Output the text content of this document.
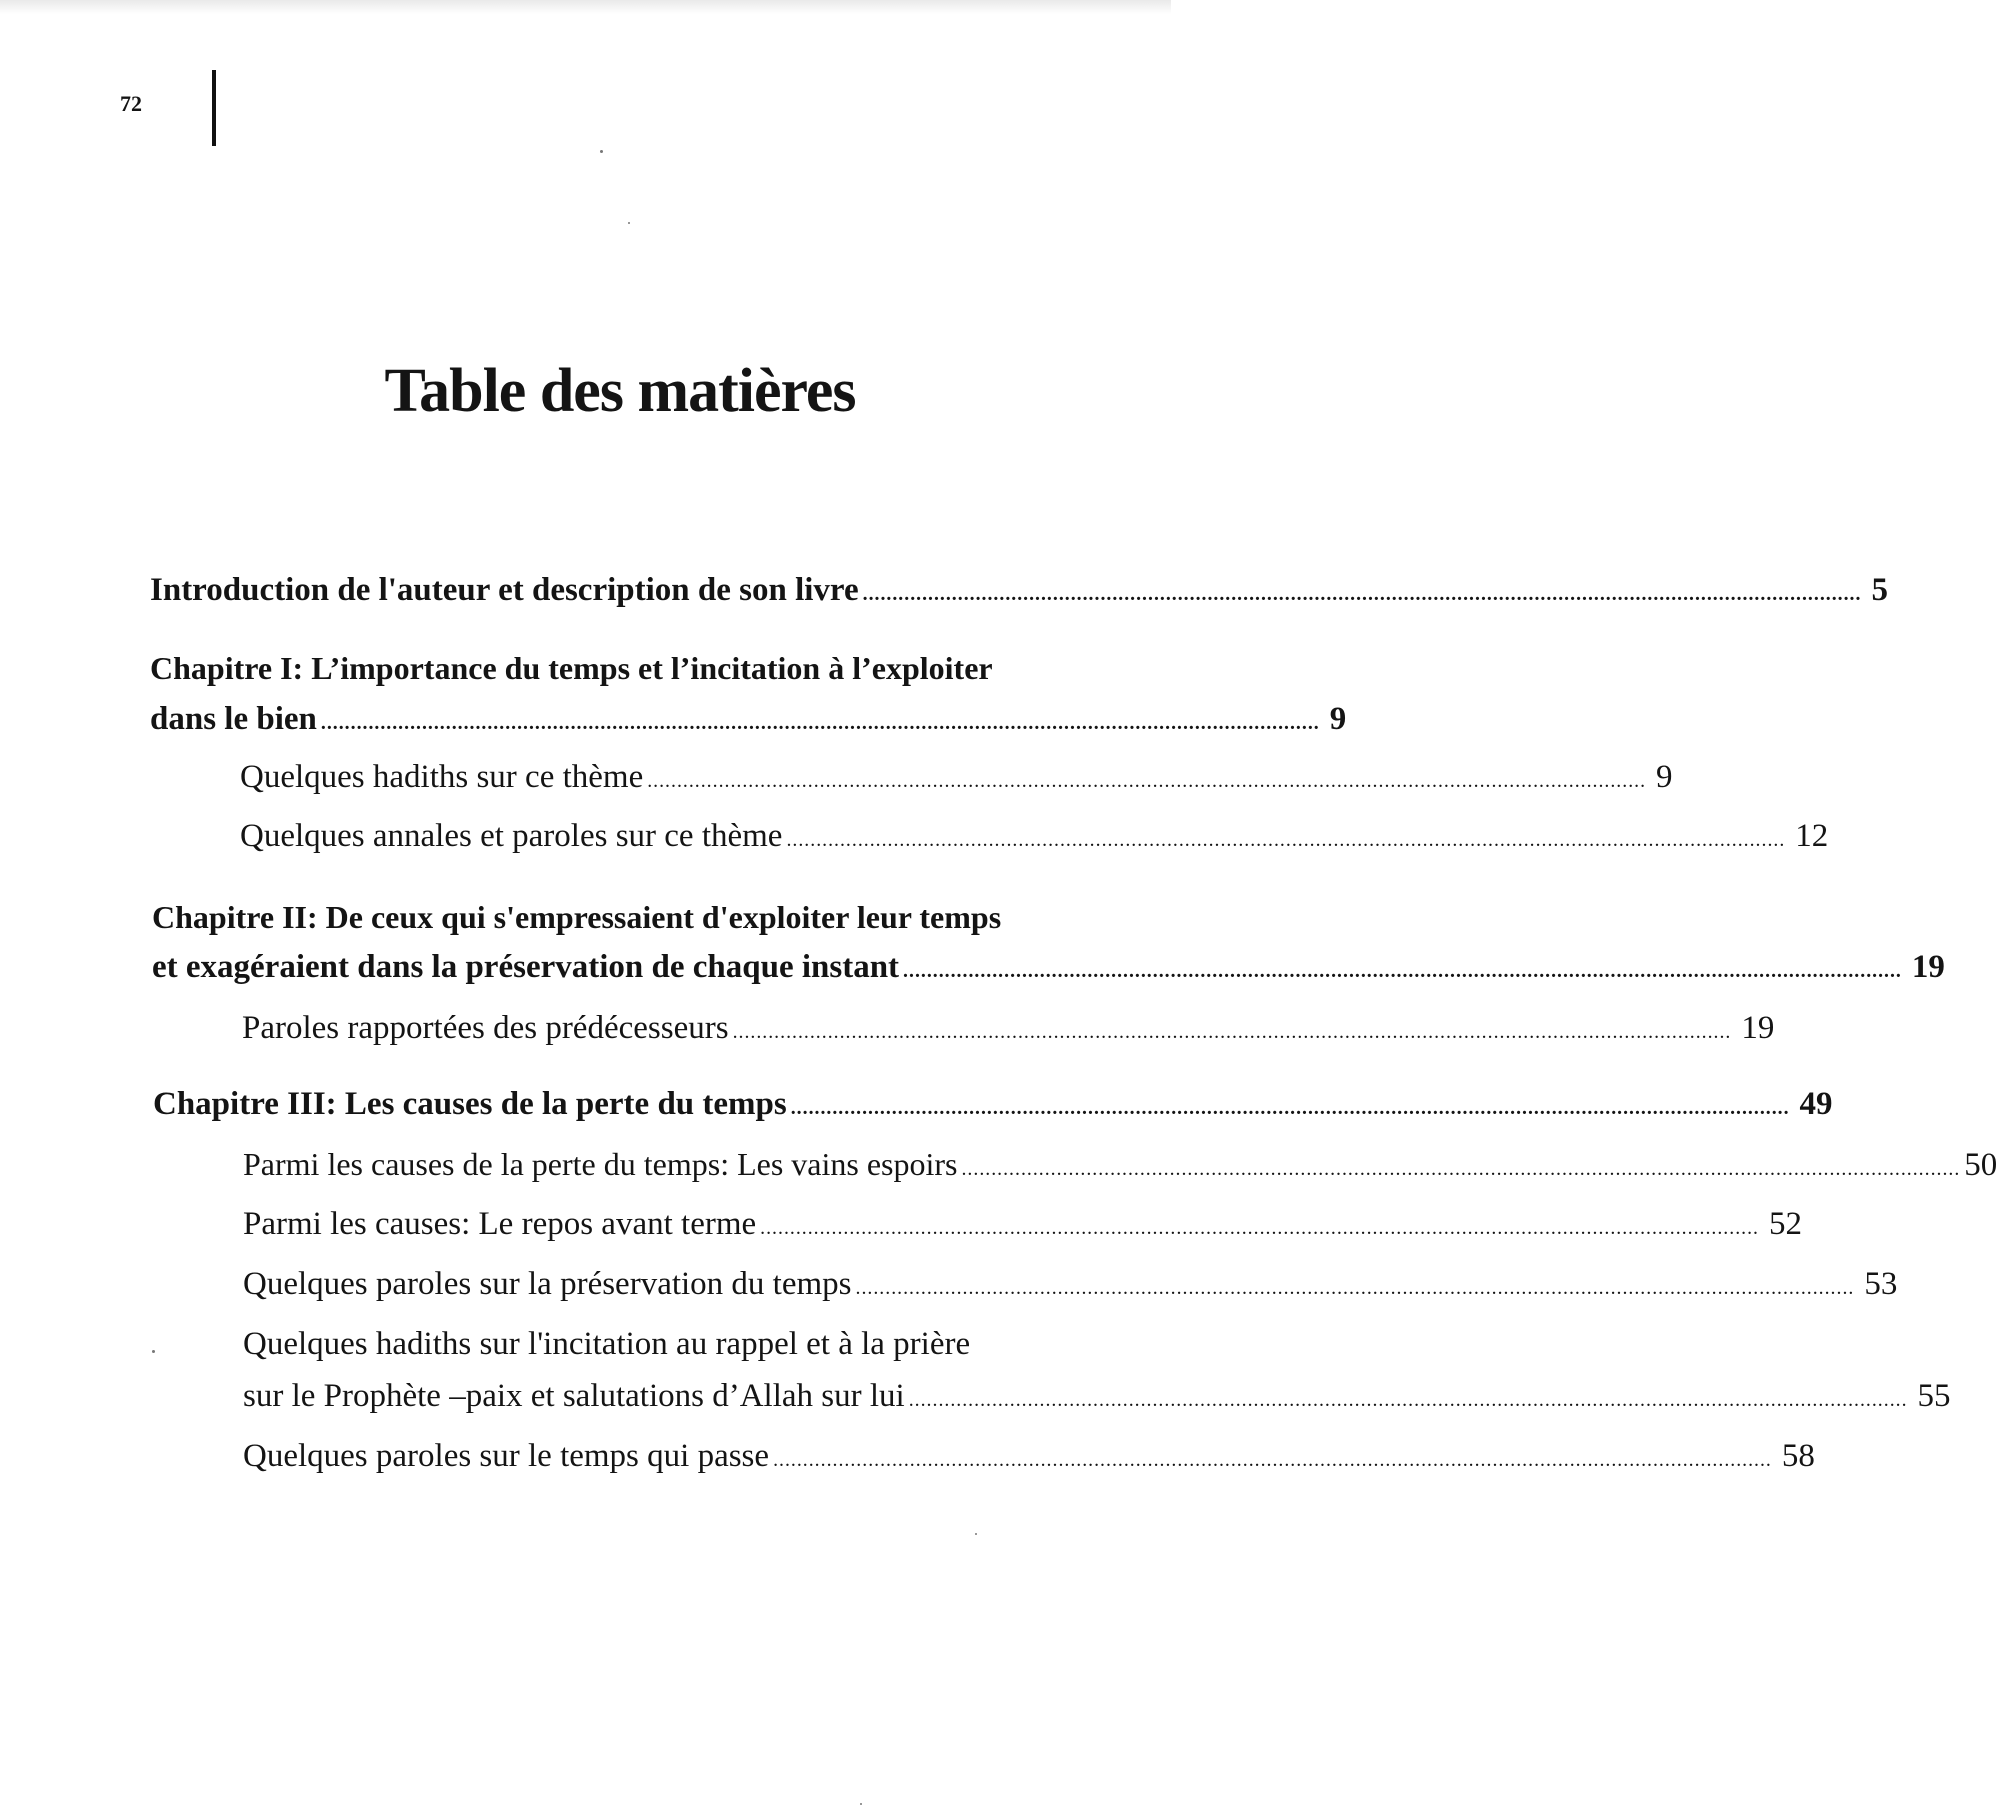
72
Table des matières
Introduction de l'auteur et description de son livre ........................................................................................................................................................................ 5
Chapitre I: L’importance du temps et l’incitation à l’exploiter
dans le bien ........................................................................................................................................................................ 9
Quelques hadiths sur ce thème ........................................................................................................................................................................ 9
Quelques annales et paroles sur ce thème ........................................................................................................................................................................ 12
Chapitre II: De ceux qui s'empressaient d'exploiter leur temps
et exagéraient dans la préservation de chaque instant ........................................................................................................................................................................ 19
Paroles rapportées des prédécesseurs ........................................................................................................................................................................ 19
Chapitre III: Les causes de la perte du temps ........................................................................................................................................................................ 49
Parmi les causes de la perte du temps: Les vains espoirs ........................................................................................................................................................................ 50
Parmi les causes: Le repos avant terme ........................................................................................................................................................................ 52
Quelques paroles sur la préservation du temps ........................................................................................................................................................................ 53
Quelques hadiths sur l'incitation au rappel et à la prière
sur le Prophète –paix et salutations d’Allah sur lui ........................................................................................................................................................................ 55
Quelques paroles sur le temps qui passe ........................................................................................................................................................................ 58
